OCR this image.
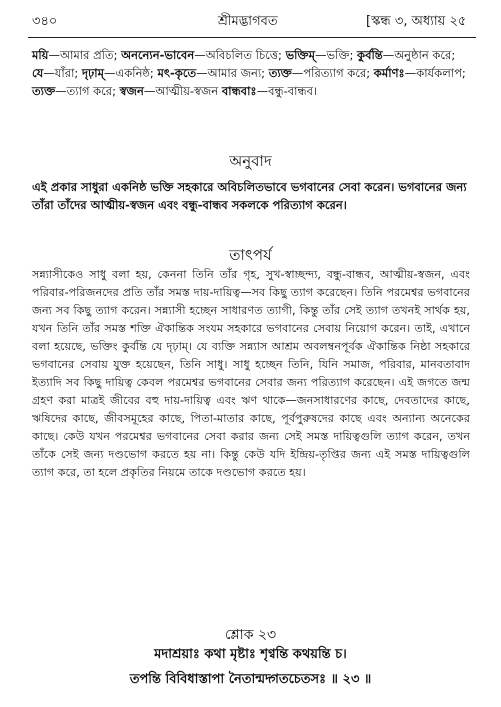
৩৪০	শ্রীমদ্ভাগবত	[স্কন্ধ ৩, অধ্যায় ২৫
ময়ি—আমার প্রতি; অনন্যেন-ভাবেন—অবিচলিত চিত্তে; ভক্তিম্—ভক্তি; কুর্বন্তি—অনুষ্ঠান করে; যে—যাঁরা; দৃঢ়াম্—একনিষ্ঠ; মৎ-কৃতে—আমার জন্য; ত্যক্ত—পরিত্যাগ করে; কর্মাণঃ—কার্যকলাপ; ত্যক্ত—ত্যাগ করে; স্বজন—আত্মীয়-স্বজন বান্ধবাঃ—বন্ধু-বান্ধব।
অনুবাদ
এই প্রকার সাধুরা একনিষ্ঠ ভক্তি সহকারে অবিচলিতভাবে ভগবানের সেবা করেন। ভগবানের জন্য তাঁরা তাঁদের আত্মীয়-স্বজন এবং বন্ধু-বান্ধব সকলকে পরিত্যাগ করেন।
তাৎপর্য

সন্ন্যাসীকেও সাধু বলা হয়, কেননা তিনি তাঁর গৃহ, সুখ-স্বাচ্ছন্দ্য, বন্ধু-বান্ধব, আত্মীয়-স্বজন, এবং পরিবার-পরিজনদের প্রতি তাঁর সমস্ত দায়-দায়িত্ব—সব কিছু ত্যাগ করেছেন। তিনি পরমেশ্বর ভগবানের জন্য সব কিছু ত্যাগ করেন। সন্ন্যাসী হচ্ছেন সাধারণত ত্যাগী, কিন্তু তাঁর সেই ত্যাগ তখনই সার্থক হয়, যখন তিনি তাঁর সমস্ত শক্তি ঐকান্তিক সংযম সহকারে ভগবানের সেবায় নিয়োগ করেন। তাই, এখানে বলা হয়েছে, ভক্তিং কুর্বন্তি যে দৃঢ়াম্। যে ব্যক্তি সন্ন্যাস আশ্রম অবলম্বনপূর্বক ঐকান্তিক নিষ্ঠা সহকারে ভগবানের সেবায় যুক্ত হয়েছেন, তিনি সাধু। সাধু হচ্ছেন তিনি, যিনি সমাজ, পরিবার, মানবতাবাদ ইত্যাদি সব কিছু দায়িত্ব কেবল পরমেশ্বর ভগবানের সেবার জন্য পরিত্যাগ করেছেন। এই জগতে জন্ম গ্রহণ করা মাত্রই জীবের বহু দায়-দায়িত্ব এবং ঋণ থাকে—জনসাধারণের কাছে, দেবতাদের কাছে, ঋষিদের কাছে, জীবসমূহের কাছে, পিতা-মাতার কাছে, পূর্বপুরুষদের কাছে এবং অন্যান্য অনেকের কাছে। কেউ যখন পরমেশ্বর ভগবানের সেবা করার জন্য সেই সমস্ত দায়িত্বগুলি ত্যাগ করেন, তখন তাঁকে সেই জন্য দণ্ডভোগ করতে হয় না। কিন্তু কেউ যদি ইন্দ্রিয়-তৃপ্তির জন্য এই সমস্ত দায়িত্বগুলি ত্যাগ করে, তা হলে প্রকৃতির নিয়মে তাকে দণ্ডভোগ করতে হয়।

শ্লোক ২৩
মদাশ্রয়াঃ কথা মৃষ্টাঃ শৃণ্বন্তি কথয়ন্তি চ।
তপন্তি বিবিধাস্তাপা নৈতান্মদ্গতচেতসঃ ॥ ২৩ ॥
